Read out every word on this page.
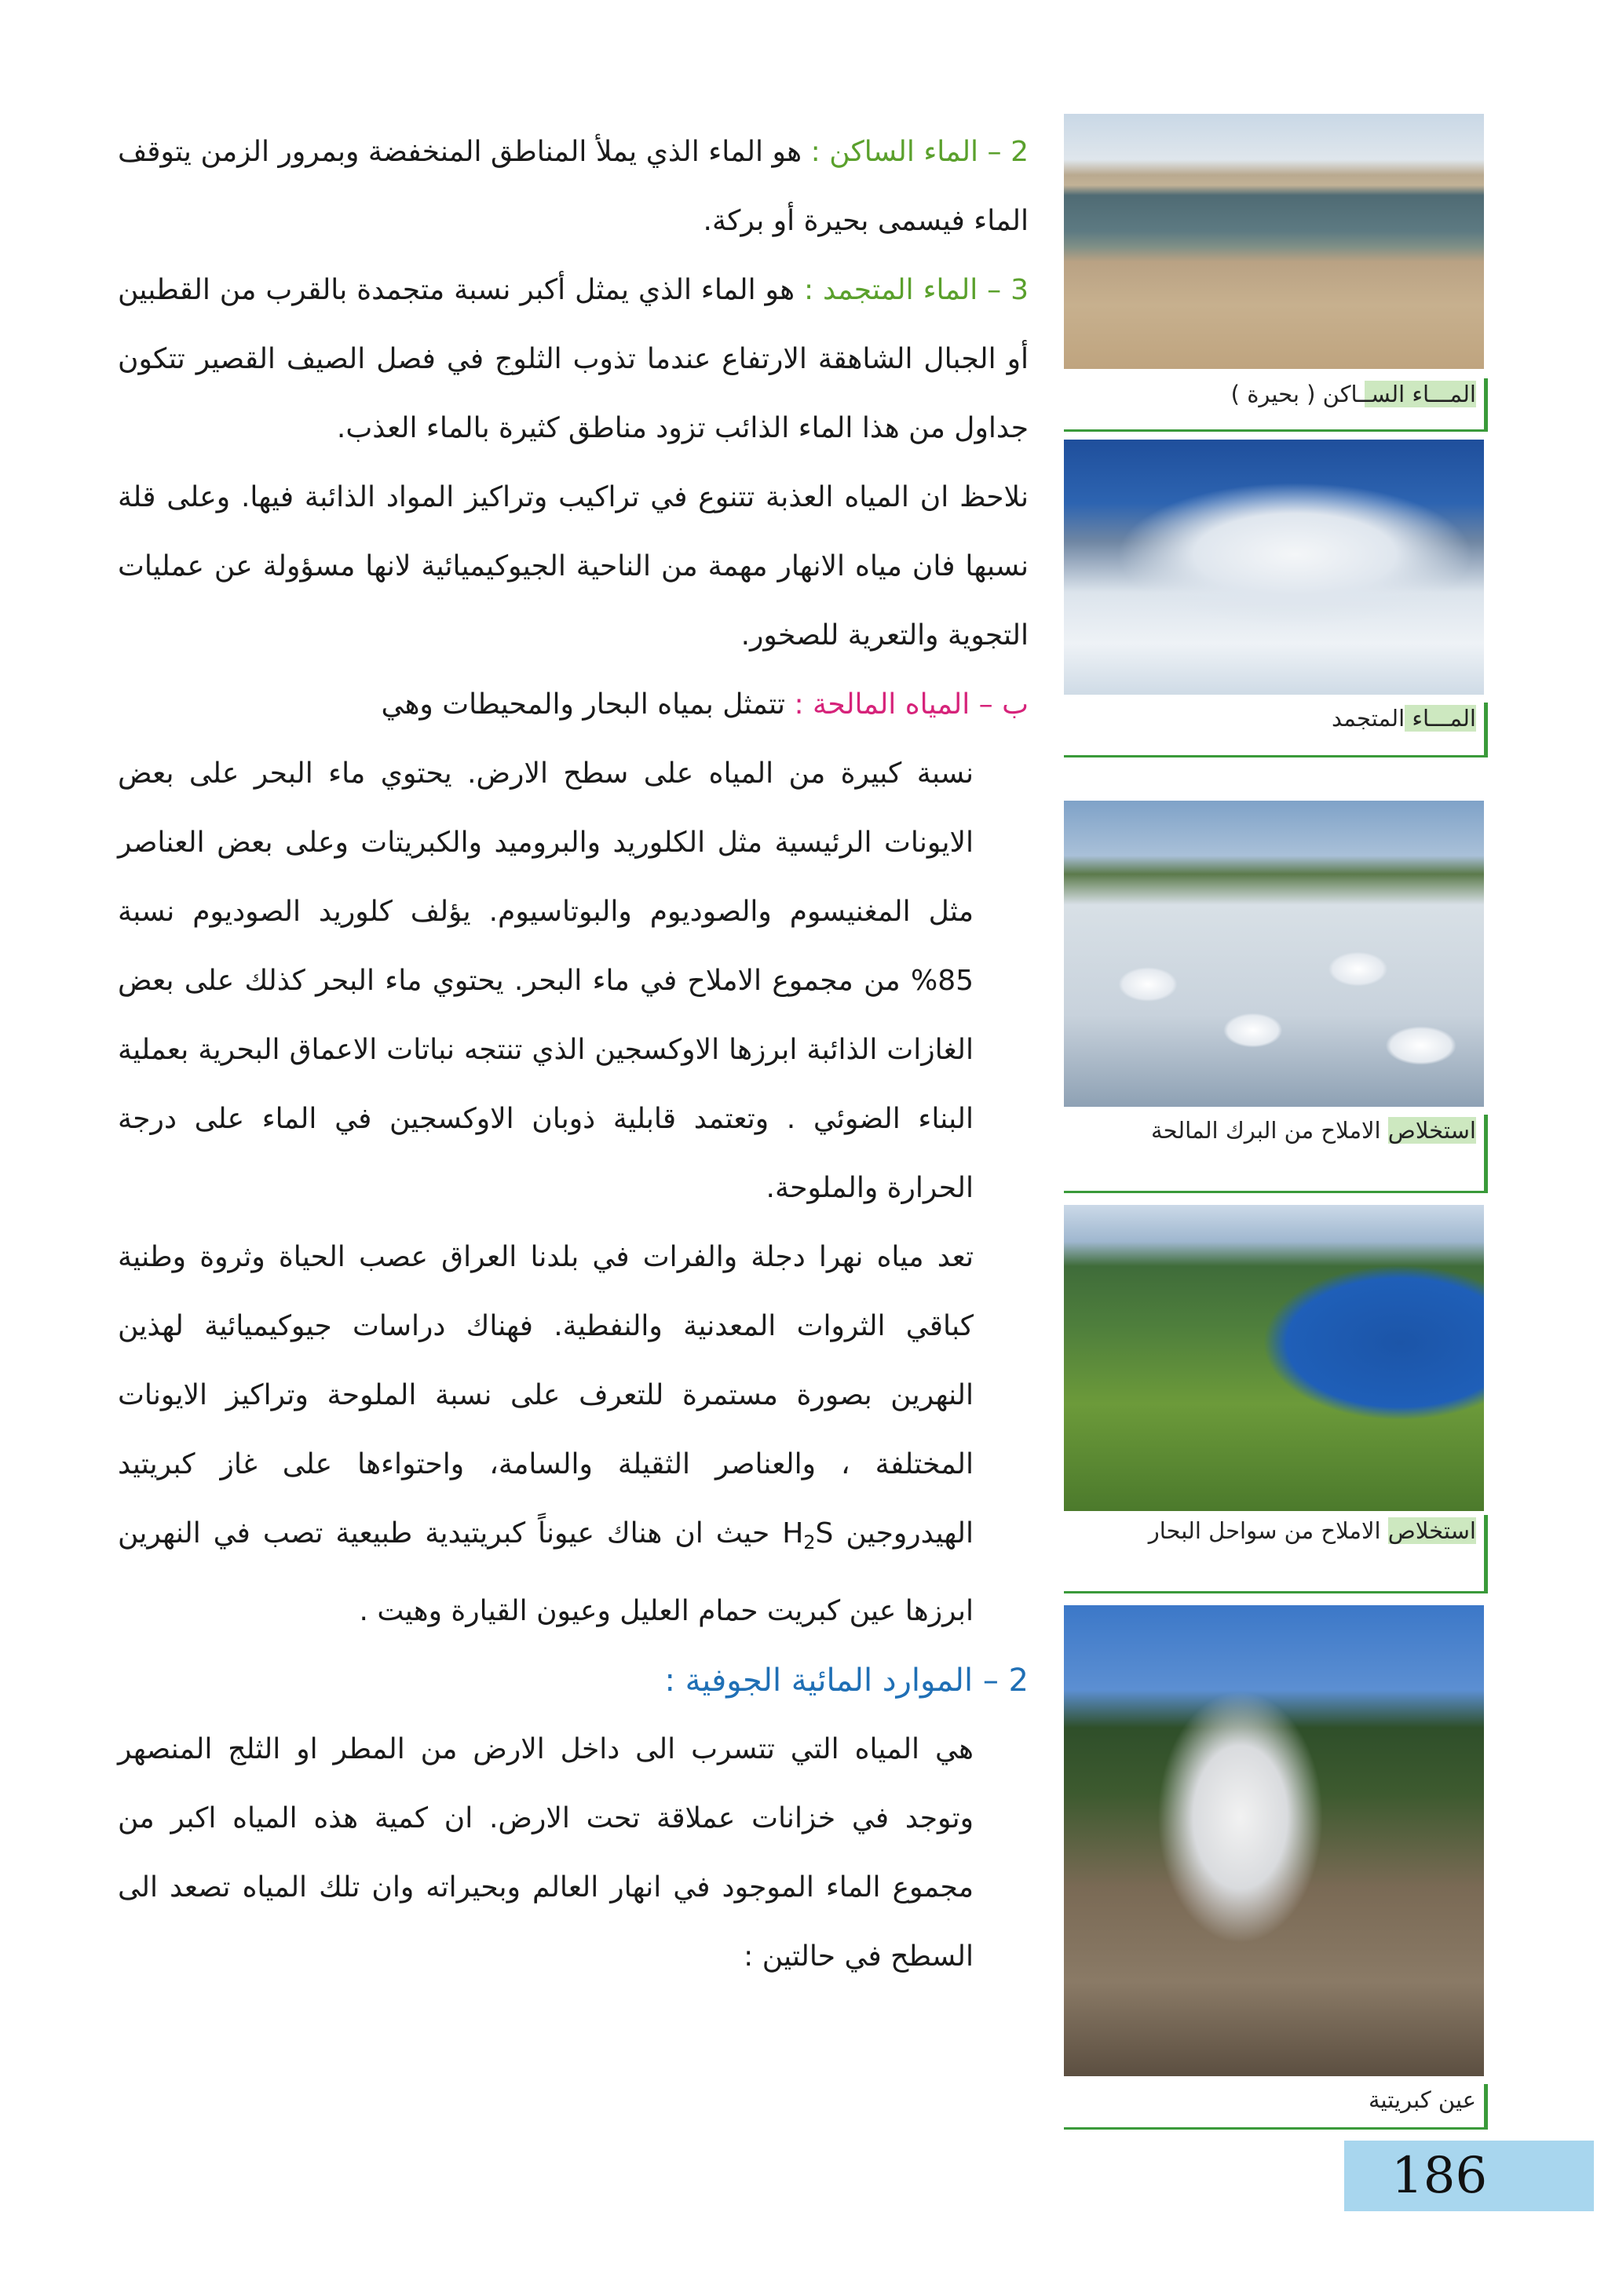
2 – الماء الساكن : هو الماء الذي يملأ المناطق المنخفضة وبمرور الزمن يتوقف الماء فيسمى بحيرة أو بركة.

3 – الماء المتجمد : هو الماء الذي يمثل أكبر نسبة متجمدة بالقرب من القطبين أو الجبال الشاهقة الارتفاع عندما تذوب الثلوج في فصل الصيف القصير تتكون جداول من هذا الماء الذائب تزود مناطق كثيرة بالماء العذب.

نلاحظ ان المياه العذبة تتنوع في تراكيب وتراكيز المواد الذائبة فيها. وعلى قلة نسبها فان مياه الانهار مهمة من الناحية الجيوكيميائية لانها مسؤولة عن عمليات التجوية والتعرية للصخور.

ب – المياه المالحة : تتمثل بمياه البحار والمحيطات وهي

نسبة كبيرة من المياه على سطح الارض. يحتوي ماء البحر على بعض الايونات الرئيسية مثل الكلوريد والبروميد والكبريتات وعلى بعض العناصر مثل المغنيسوم والصوديوم والبوتاسيوم. يؤلف كلوريد الصوديوم نسبة 85% من مجموع الاملاح في ماء البحر. يحتوي ماء البحر كذلك على بعض الغازات الذائبة ابرزها الاوكسجين الذي تنتجه نباتات الاعماق البحرية بعملية البناء الضوئي . وتعتمد قابلية ذوبان الاوكسجين في الماء على درجة الحرارة والملوحة.

تعد مياه نهرا دجلة والفرات في بلدنا العراق عصب الحياة وثروة وطنية كباقي الثروات المعدنية والنفطية. فهناك دراسات جيوكيميائية لهذين النهرين بصورة مستمرة للتعرف على نسبة الملوحة وتراكيز الايونات المختلفة ، والعناصر الثقيلة والسامة، واحتواءها على غاز كبريتيد الهيدروجين $H_2S$ حيث ان هناك عيوناً كبريتيدية طبيعية تصب في النهرين ابرزها عين كبريت حمام العليل وعيون القيارة وهيت .

2 – الموارد المائية الجوفية :

هي المياه التي تتسرب الى داخل الارض من المطر او الثلج المنصهر وتوجد في خزانات عملاقة تحت الارض. ان كمية هذه المياه اكبر من مجموع الماء الموجود في انهار العالم وبحيراته وان تلك المياه تصعد الى السطح في حالتين :

المـــاء الســاكن ( بحيرة )
المـــاء المتجمد
استخلاص الاملاح من البرك المالحة
استخلاص الاملاح من سواحل البحار
عين كبريتية
186
